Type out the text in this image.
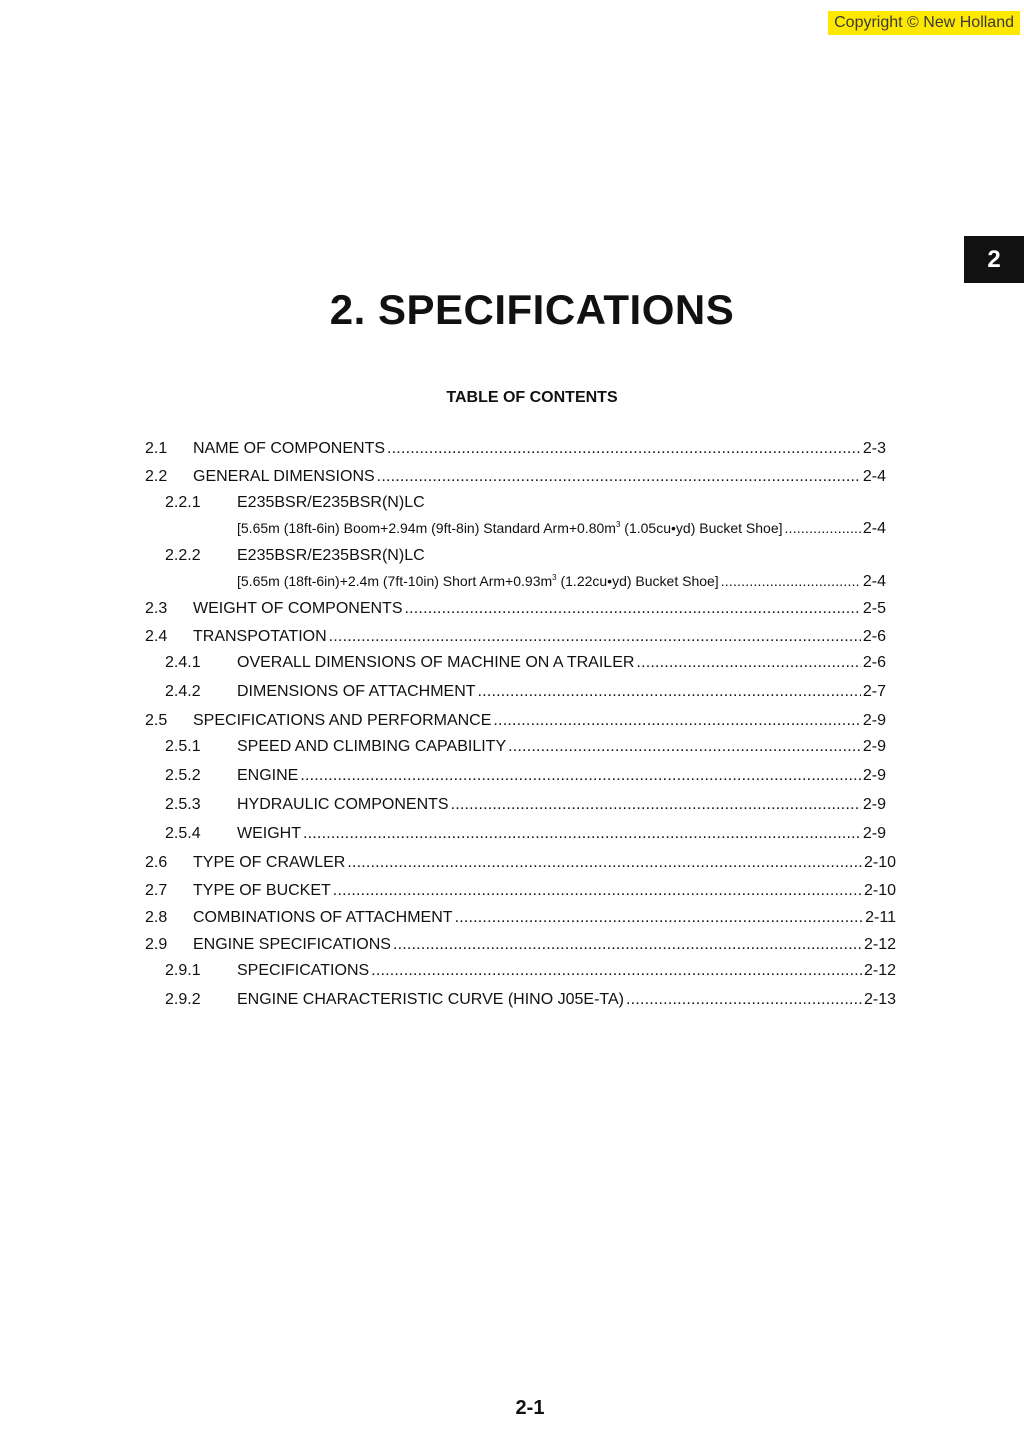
Copyright © New Holland
2
2. SPECIFICATIONS
TABLE OF CONTENTS
2.1	NAME OF COMPONENTS .....	2-3
2.2	GENERAL DIMENSIONS .....	2-4
2.2.1 E235BSR/E235BSR(N)LC
[5.65m (18ft-6in) Boom+2.94m (9ft-8in) Standard $Arm+0.80m^3$ (1.05cu•yd) Bucket Shoe] .....	2-4
2.2.2 E235BSR/E235BSR(N)LC
[5.65m (18ft-6in)+2.4m (7ft-10in) Short $Arm+0.93m^3$ (1.22cu•yd) Bucket Shoe] .....	2-4
2.3	WEIGHT OF COMPONENTS .....	2-5
2.4	TRANSPOTATION .....	2-6
2.4.1	OVERALL DIMENSIONS OF MACHINE ON A TRAILER .....	2-6
2.4.2	DIMENSIONS OF ATTACHMENT .....	2-7
2.5	SPECIFICATIONS AND PERFORMANCE .....	2-9
2.5.1	SPEED AND CLIMBING CAPABILITY .....	2-9
2.5.2	ENGINE .....	2-9
2.5.3	HYDRAULIC COMPONENTS .....	2-9
2.5.4	WEIGHT .....	2-9
2.6	TYPE OF CRAWLER .....	2-10
2.7	TYPE OF BUCKET .....	2-10
2.8	COMBINATIONS OF ATTACHMENT .....	2-11
2.9	ENGINE SPECIFICATIONS .....	2-12
2.9.1	SPECIFICATIONS .....	2-12
2.9.2	ENGINE CHARACTERISTIC CURVE (HINO J05E-TA) .....	2-13
2-1
